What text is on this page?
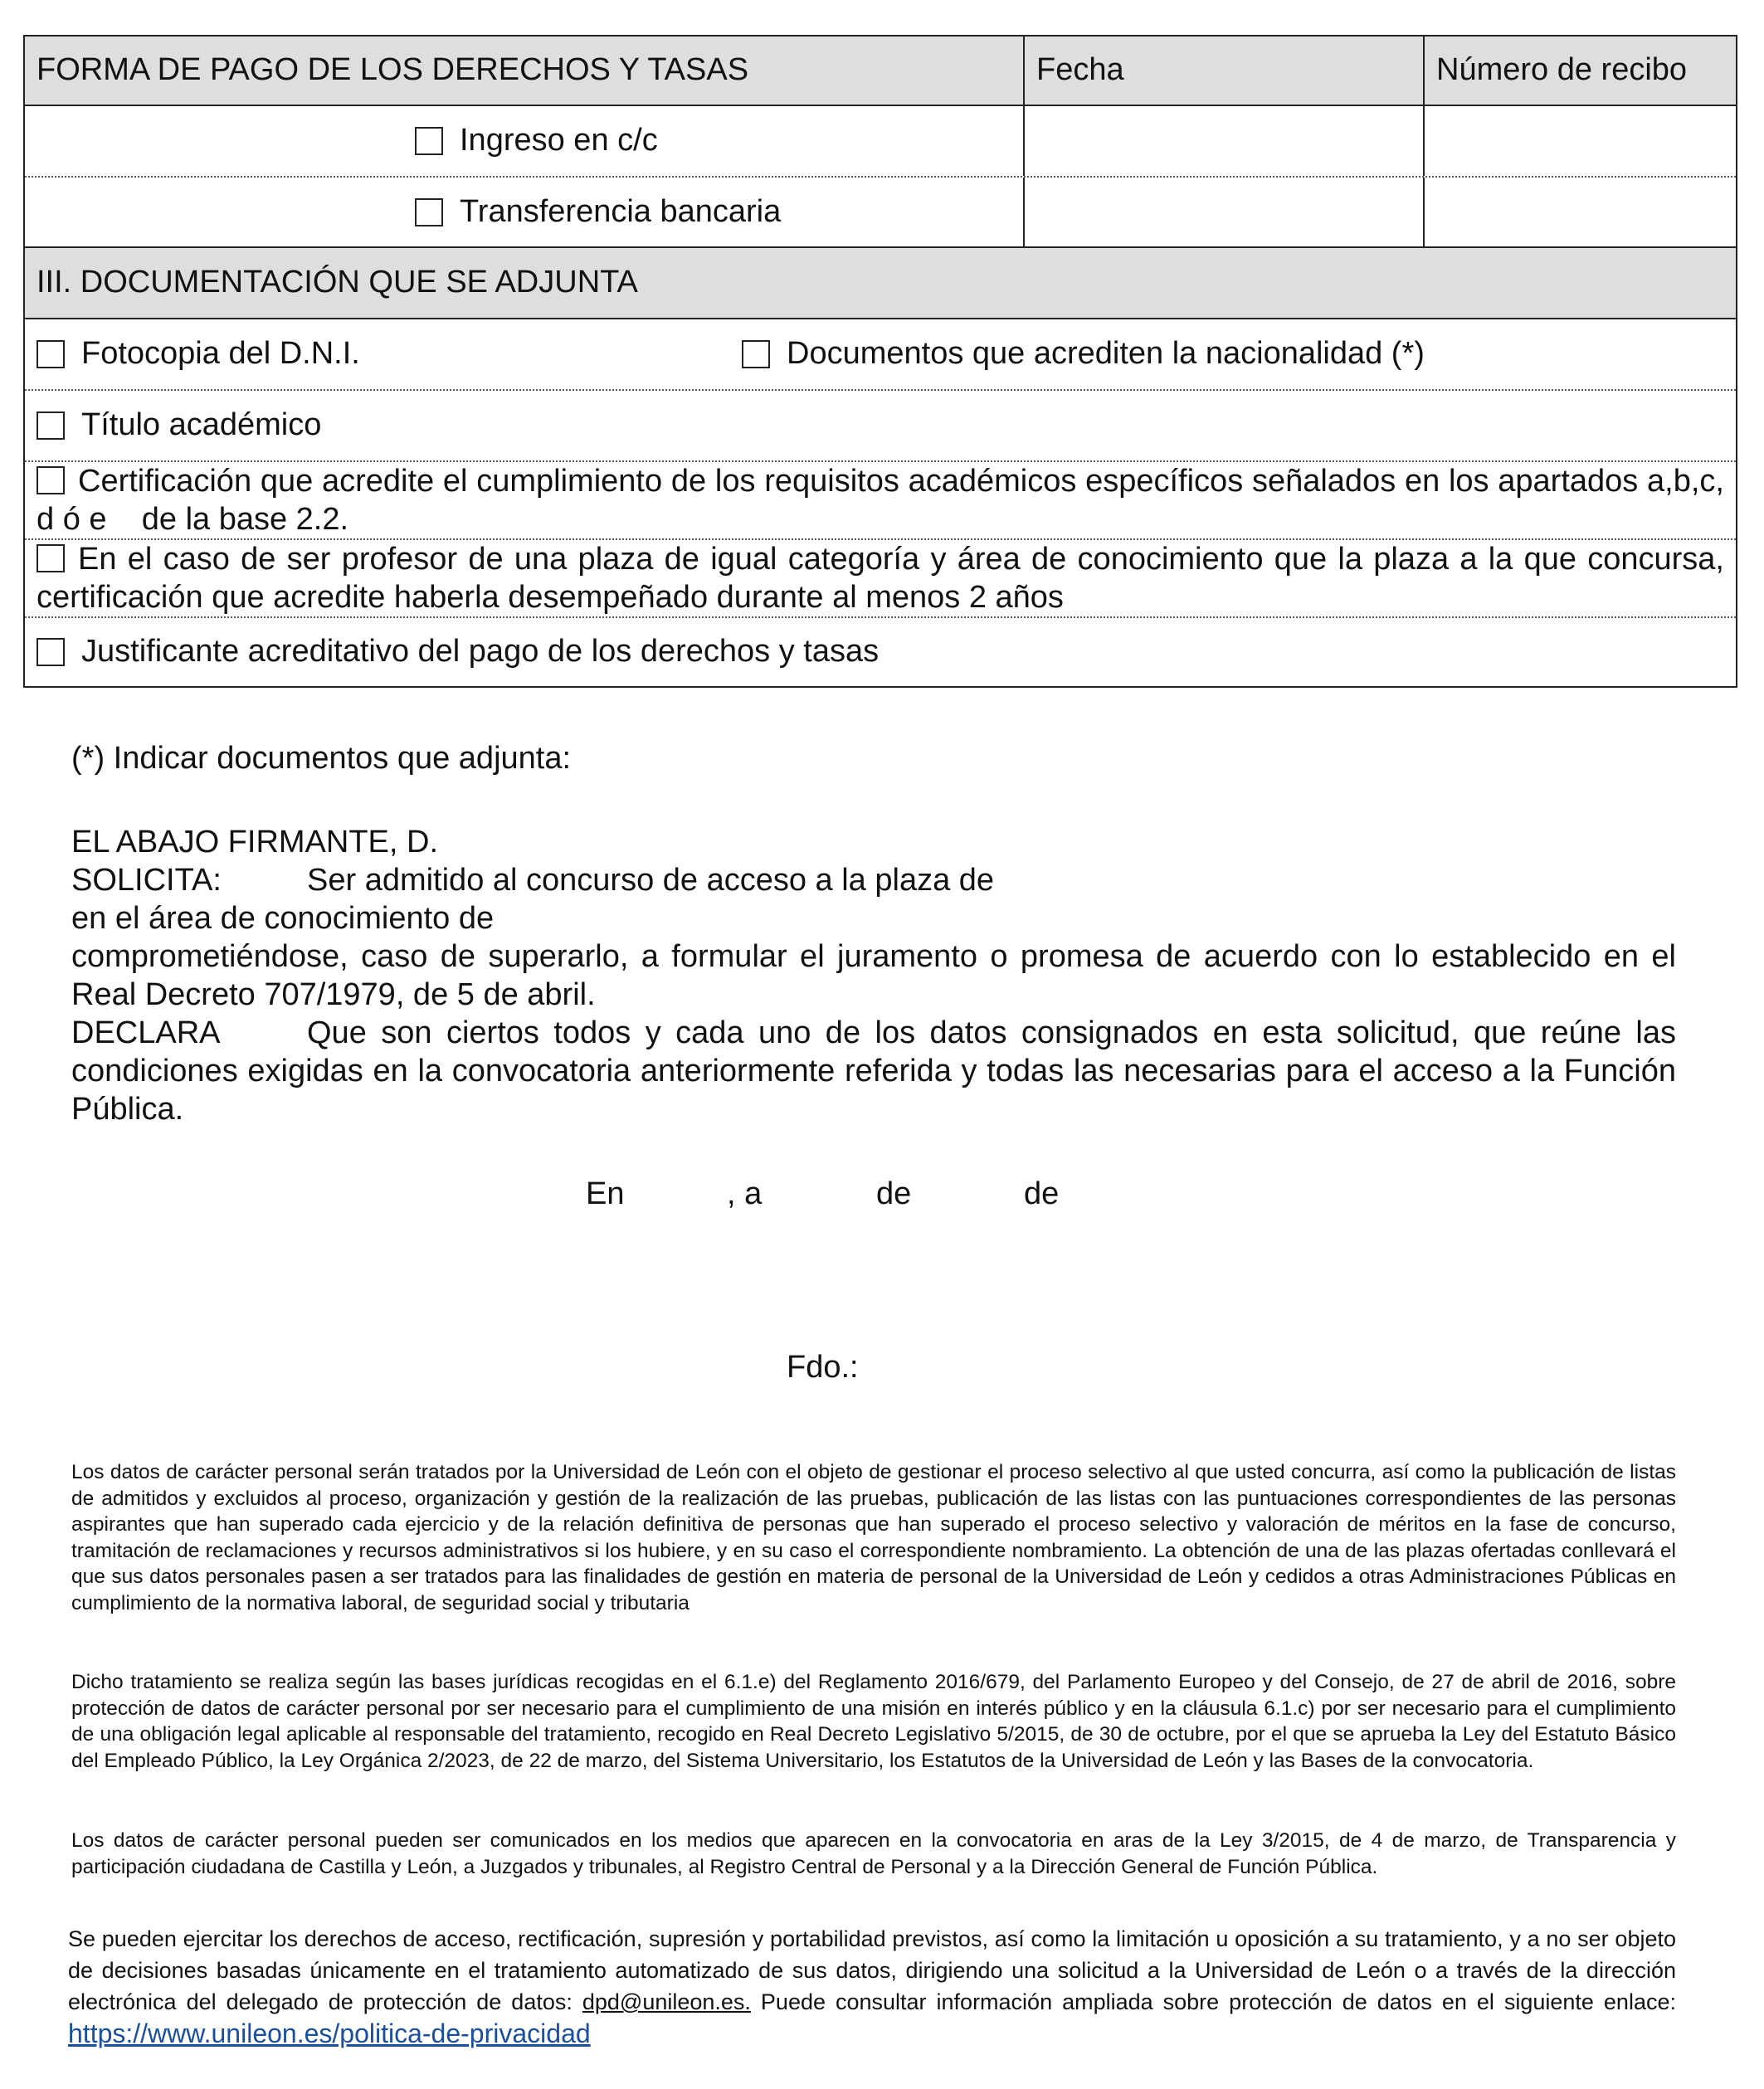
FORMA DE PAGO DE LOS DERECHOS Y TASAS	Fecha	Número de recibo
Ingreso en c/c
Transferencia bancaria
III. DOCUMENTACIÓN QUE SE ADJUNTA
Fotocopia del D.N.I.	Documentos que acrediten la nacionalidad (*)
Título académico
Certificación que acredite el cumplimiento de los requisitos académicos específicos señalados en los apartados a,b,c, d ó e    de la base 2.2.
En el caso de ser profesor de una plaza de igual categoría y área de conocimiento que la plaza a la que concursa, certificación que acredite haberla desempeñado durante al menos 2 años
Justificante acreditativo del pago de los derechos y tasas
(*) Indicar documentos que adjunta:
EL ABAJO FIRMANTE, D.
SOLICITA:	Ser admitido al concurso de acceso a la plaza de
en el área de conocimiento de
comprometiéndose, caso de superarlo, a formular el juramento o promesa de acuerdo con lo establecido en el Real Decreto 707/1979, de 5 de abril.
DECLARA	Que son ciertos todos y cada uno de los datos consignados en esta solicitud, que reúne las condiciones exigidas en la convocatoria anteriormente referida y todas las necesarias para el acceso a la Función Pública.
En	, a	de	de
Fdo.:
Los datos de carácter personal serán tratados por la Universidad de León con el objeto de gestionar el proceso selectivo al que usted concurra, así como la publicación de listas de admitidos y excluidos al proceso, organización y gestión de la realización de las pruebas, publicación de las listas con las puntuaciones correspondientes de las personas aspirantes que han superado cada ejercicio y de la relación definitiva de personas que han superado el proceso selectivo y valoración de méritos en la fase de concurso, tramitación de reclamaciones y recursos administrativos si los hubiere, y en su caso el correspondiente nombramiento. La obtención de una de las plazas ofertadas conllevará el que sus datos personales pasen a ser tratados para las finalidades de gestión en materia de personal de la Universidad de León y cedidos a otras Administraciones Públicas en cumplimiento de la normativa laboral, de seguridad social y tributaria
Dicho tratamiento se realiza según las bases jurídicas recogidas en el 6.1.e) del Reglamento 2016/679, del Parlamento Europeo y del Consejo, de 27 de abril de 2016, sobre protección de datos de carácter personal por ser necesario para el cumplimiento de una misión en interés público y en la cláusula 6.1.c) por ser necesario para el cumplimiento de una obligación legal aplicable al responsable del tratamiento, recogido en Real Decreto Legislativo 5/2015, de 30 de octubre, por el que se aprueba la Ley del Estatuto Básico del Empleado Público, la Ley Orgánica 2/2023, de 22 de marzo, del Sistema Universitario, los Estatutos de la Universidad de León y las Bases de la convocatoria.
Los datos de carácter personal pueden ser comunicados en los medios que aparecen en la convocatoria en aras de la Ley 3/2015, de 4 de marzo, de Transparencia y participación ciudadana de Castilla y León, a Juzgados y tribunales, al Registro Central de Personal y a la Dirección General de Función Pública.
Se pueden ejercitar los derechos de acceso, rectificación, supresión y portabilidad previstos, así como la limitación u oposición a su tratamiento, y a no ser objeto de decisiones basadas únicamente en el tratamiento automatizado de sus datos, dirigiendo una solicitud a la Universidad de León o a través de la dirección electrónica del delegado de protección de datos: dpd@unileon.es. Puede consultar información ampliada sobre protección de datos en el siguiente enlace: https://www.unileon.es/politica-de-privacidad
